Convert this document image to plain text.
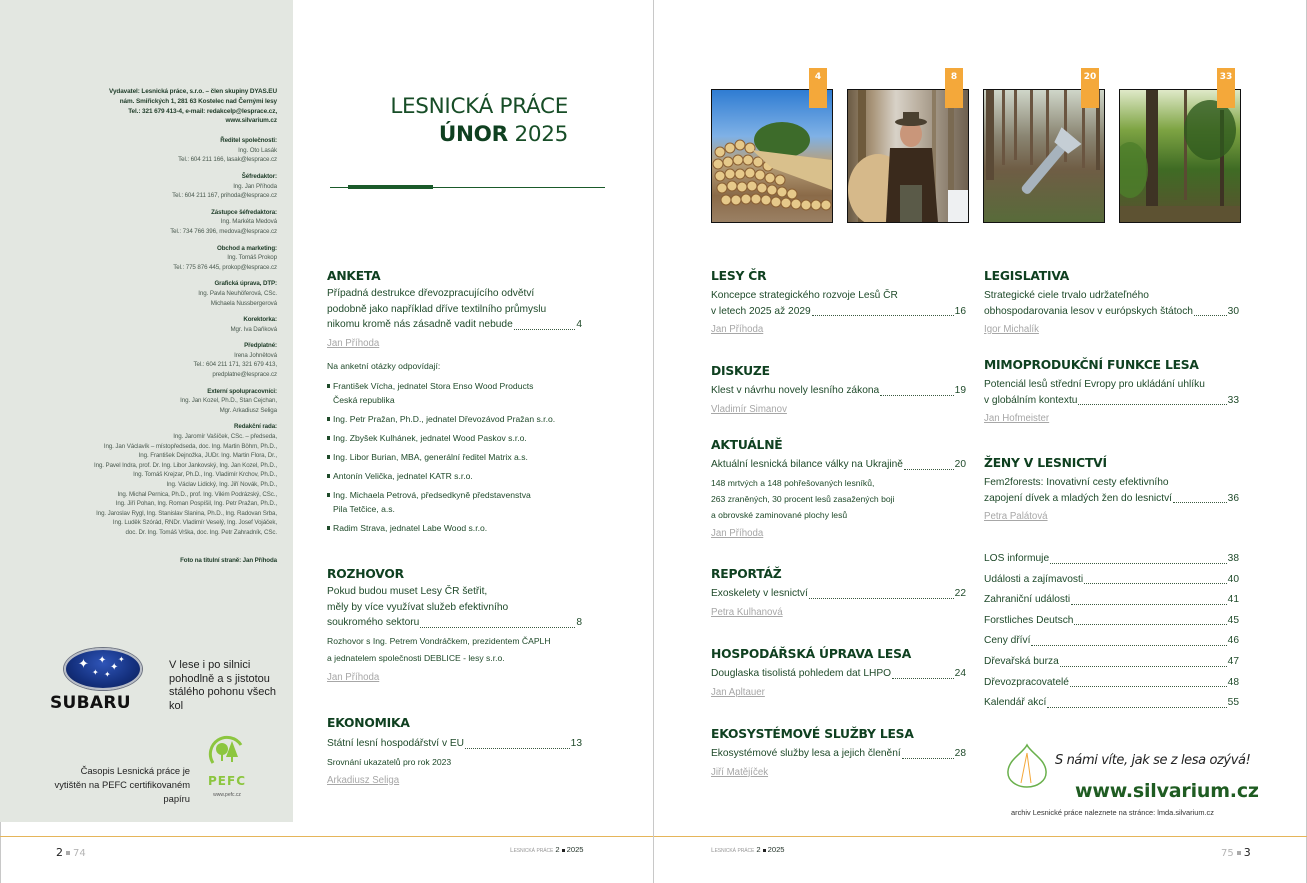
Vydavatel: Lesnická práce, s.r.o. – člen skupiny DYAS.EU
nám. Smiřických 1, 281 63 Kostelec nad Černými lesy
Tel.: 321 679 413-4, e-mail: redakcelp@lesprace.cz,
www.silvarium.cz
Ředitel společnosti:
Ing. Oto Lasák
Tel.: 604 211 166, lasak@lesprace.cz
Šéfredaktor:
Ing. Jan Příhoda
Tel.: 604 211 167, prihoda@lesprace.cz
Zástupce šéfredaktora:
Ing. Markéta Medová
Tel.: 734 766 396, medova@lesprace.cz
Obchod a marketing:
Ing. Tomáš Prokop
Tel.: 775 876 445, prokop@lesprace.cz
Grafická úprava, DTP:
Ing. Pavla Neuhöferová, CSc.
Michaela Nussbergerová
Korektorka:
Mgr. Iva Daňková
Předplatné:
Irena Johnětová
Tel.: 604 211 171, 321 679 413,
predplatne@lesprace.cz
Externí spolupracovníci:
Ing. Jan Kozel, Ph.D., Stan Cejchan,
Mgr. Arkadiusz Seliga
Redakční rada:
Ing. Jaromír Vašíček, CSc. – předseda,
Ing. Jan Václavík – místopředseda, doc. Ing. Martin Böhm, Ph.D.,
Ing. František Dejnožka, JUDr. Ing. Martin Flora, Dr.,
Ing. Pavel Indra, prof. Dr. Ing. Libor Jankovský, Ing. Jan Kozel, Ph.D.,
Ing. Tomáš Krejzar, Ph.D., Ing. Vladimír Krchov, Ph.D.,
Ing. Václav Lidický, Ing. Jiří Novák, Ph.D.,
Ing. Michal Pernica, Ph.D., prof. Ing. Vilém Podrázský, CSc.,
Ing. Jiří Pohan, Ing. Roman Pospíšil, Ing. Petr Pražan, Ph.D.,
Ing. Jaroslav Rygl, Ing. Stanislav Slanina, Ph.D., Ing. Radovan Srba,
Ing. Luděk Szórád, RNDr. Vladimír Veselý, Ing. Josef Vojáček,
doc. Dr. Ing. Tomáš Vrška, doc. Ing. Petr Zahradník, CSc.
Foto na titulní straně: Jan Příhoda
✦ ✦
✦
✦
✦
✦
SUBARU
V lese i po silnici
pohodlně a s jistotou
stálého pohonu všech kol
Časopis Lesnická práce je
vytištěn na PEFC certifikovaném
papíru
PEFC
www.pefc.cz
LESNICKÁ PRÁCE
ÚNOR 2025
ANKETA
Případná destrukce dřevozpracujícího odvětví
podobně jako například dříve textilního průmyslu
nikomu kromě nás zásadně vadit nebude	4
Jan Příhoda
Na anketní otázky odpovídají:
František Vícha, jednatel Stora Enso Wood Products
Česká republika
Ing. Petr Pražan, Ph.D., jednatel Dřevozávod Pražan s.r.o.
Ing. Zbyšek Kulhánek, jednatel Wood Paskov s.r.o.
Ing. Libor Burian, MBA, generální ředitel Matrix a.s.
Antonín Velička, jednatel KATR s.r.o.
Ing. Michaela Petrová, předsedkyně představenstva
Pila Tetčice, a.s.
Radim Strava, jednatel Labe Wood s.r.o.
ROZHOVOR
Pokud budou muset Lesy ČR šetřit,
měly by více využívat služeb efektivního
soukromého sektoru	8
Rozhovor s Ing. Petrem Vondráčkem, prezidentem ČAPLH
a jednatelem společnosti DEBLICE - lesy s.r.o.
Jan Příhoda
EKONOMIKA
Státní lesní hospodářství v EU	13
Srovnání ukazatelů pro rok 2023
Arkadiusz Seliga
4	8	20	33
LESY ČR
Koncepce strategického rozvoje Lesů ČR
v letech 2025 až 2029	16
Jan Příhoda
DISKUZE
Klest v návrhu novely lesního zákona	19
Vladimír Simanov
AKTUÁLNĚ
Aktuální lesnická bilance války na Ukrajině	20
148 mrtvých a 148 pohřešovaných lesníků,
263 zraněných, 30 procent lesů zasažených boji
a obrovské zaminované plochy lesů
Jan Příhoda
REPORTÁŽ
Exoskelety v lesnictví	22
Petra Kulhanová
HOSPODÁŘSKÁ ÚPRAVA LESA
Douglaska tisolistá pohledem dat LHPO	24
Jan Apltauer
EKOSYSTÉMOVÉ SLUŽBY LESA
Ekosystémové služby lesa a jejich členění	28
Jiří Matějíček
LEGISLATIVA
Strategické ciele trvalo udržateľného
obhospodarovania lesov v európskych štátoch	30
Igor Michalík
MIMOPRODUKČNÍ FUNKCE LESA
Potenciál lesů střední Evropy pro ukládání uhlíku
v globálním kontextu	33
Jan Hofmeister
ŽENY V LESNICTVÍ
Fem2forests: Inovativní cesty efektivního
zapojení dívek a mladých žen do lesnictví	36
Petra Palátová
LOS informuje	38
Události a zajímavosti	40
Zahraniční události	41
Forstliches Deutsch	45
Ceny dříví	46
Dřevařská burza	47
Dřevozpracovatelé	48
Kalendář akcí	55
S námi víte, jak se z lesa ozývá!
www.silvarium.cz
archiv Lesnické práce naleznete na stránce: lmda.silvarium.cz
2 74	Lesnická práce 2 2025	Lesnická práce 2 2025	75 3
